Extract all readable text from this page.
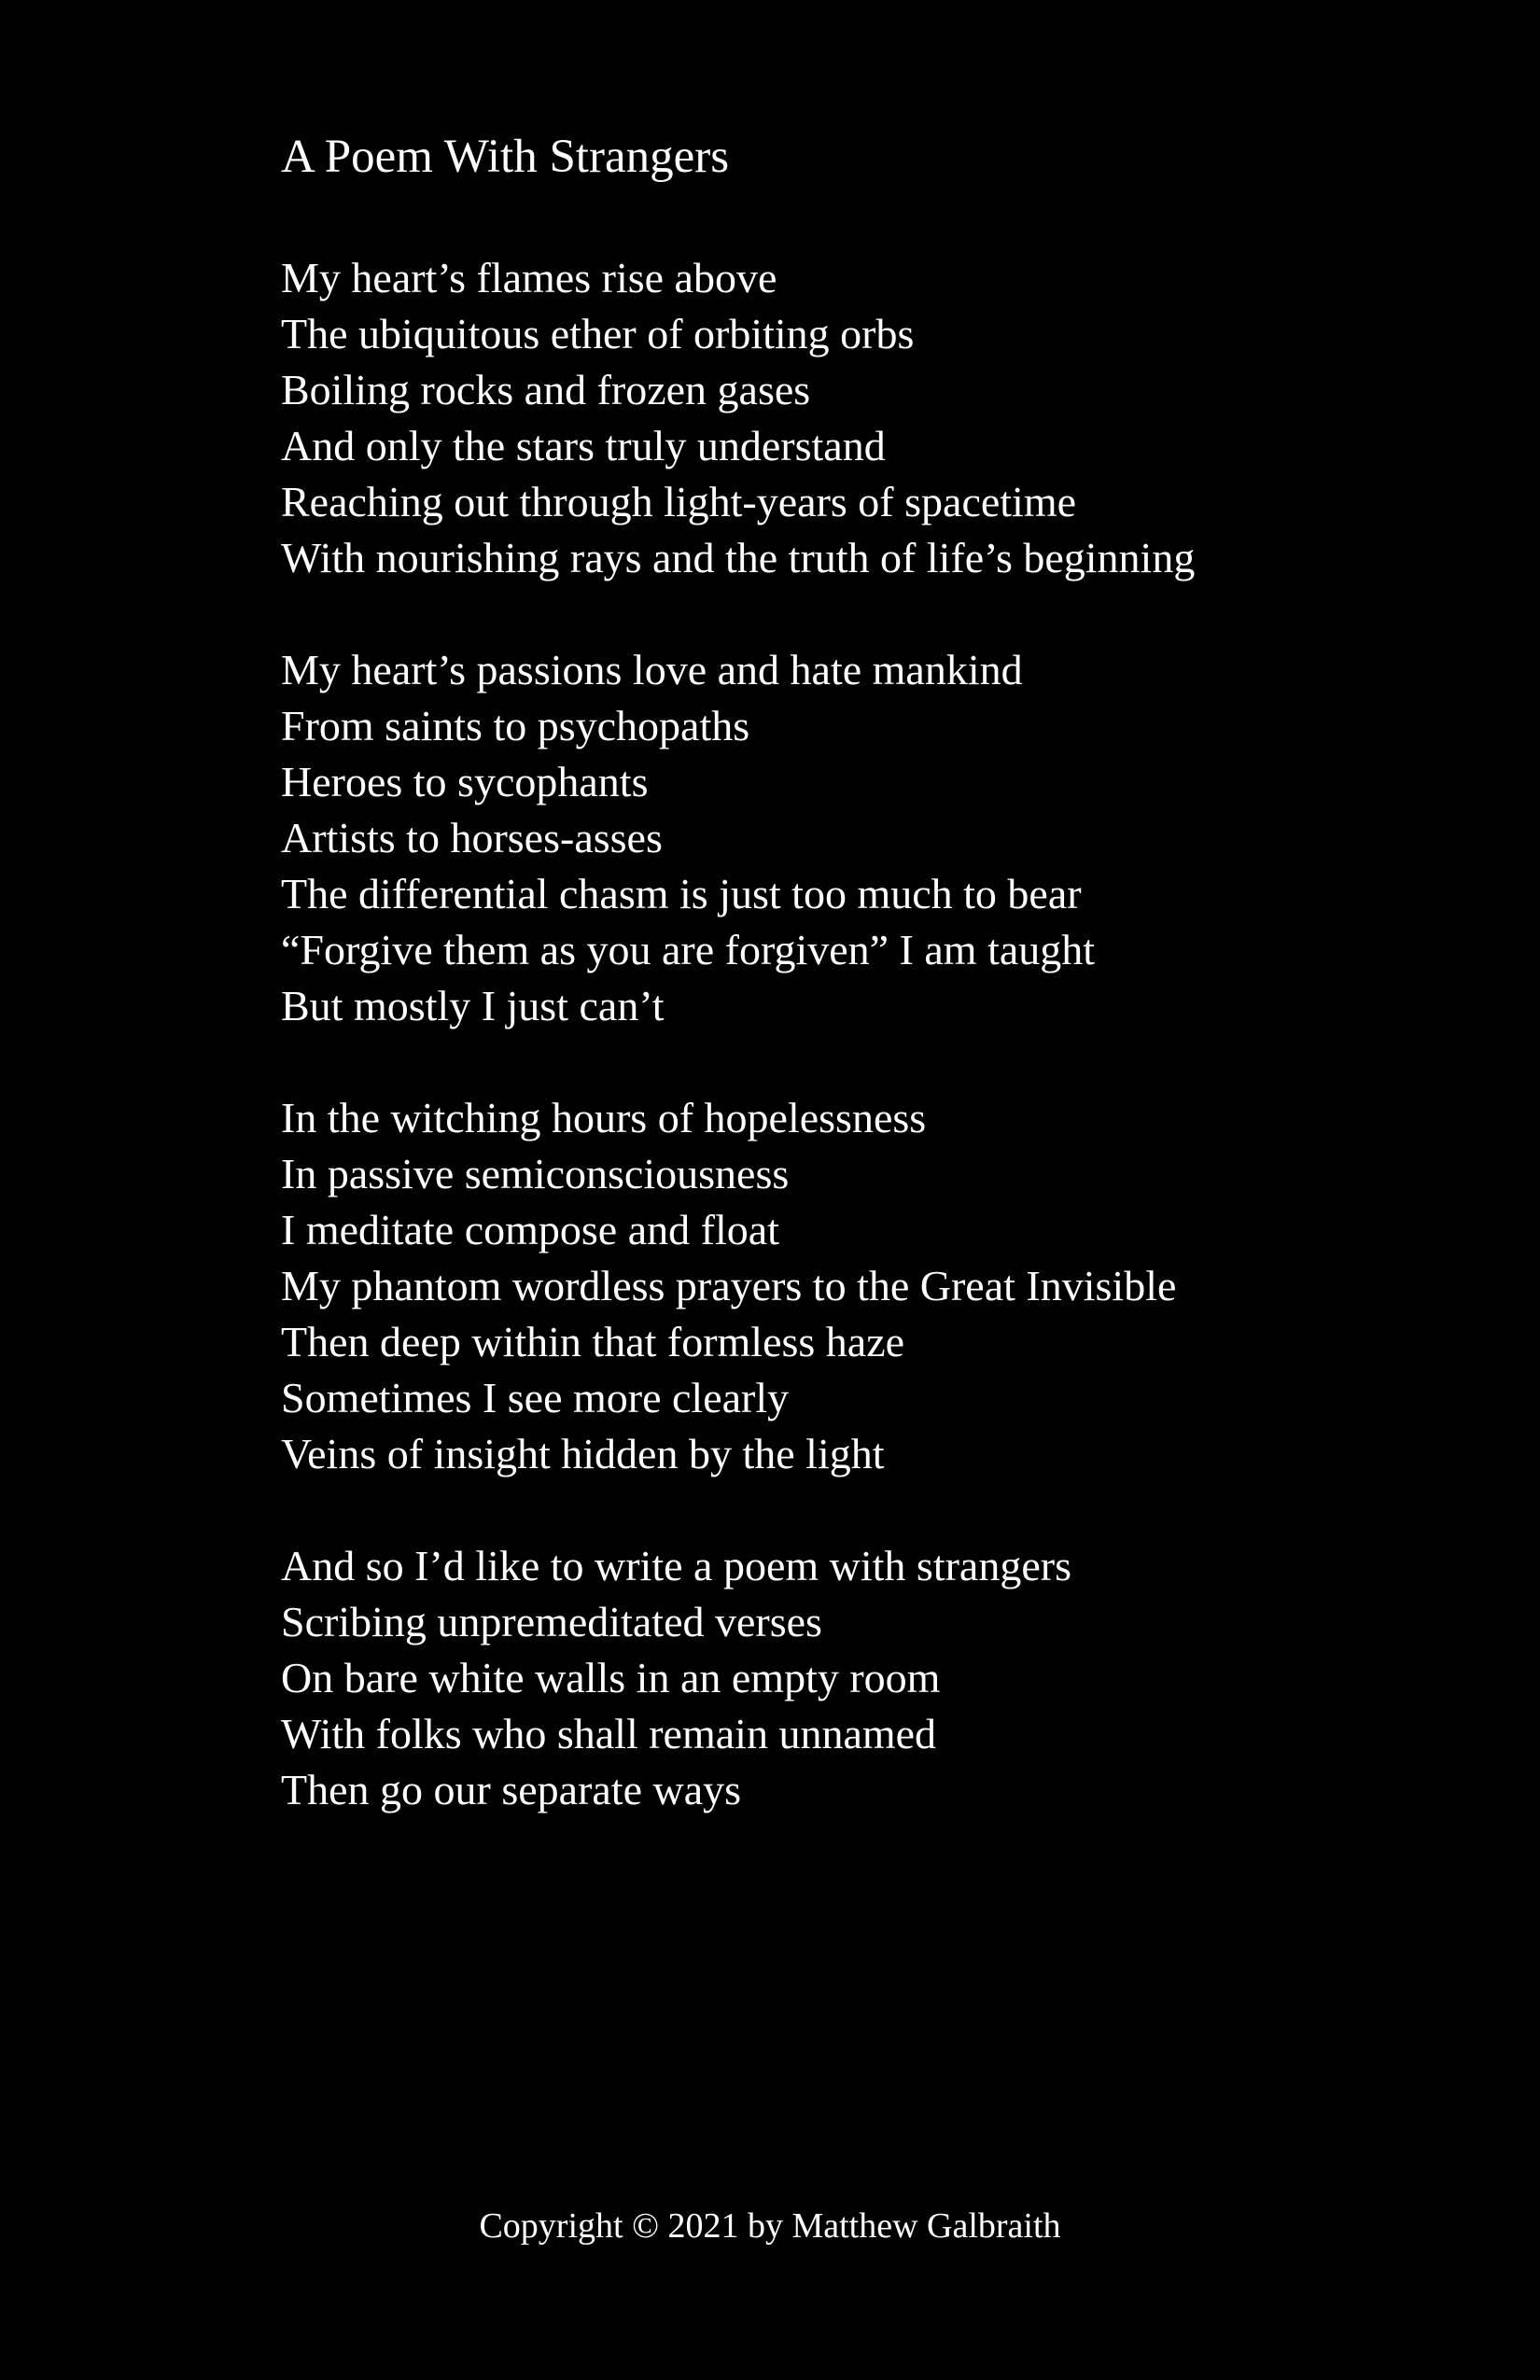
A Poem With Strangers
My heart’s flames rise above
The ubiquitous ether of orbiting orbs
Boiling rocks and frozen gases
And only the stars truly understand
Reaching out through light-years of spacetime
With nourishing rays and the truth of life’s beginning
My heart’s passions love and hate mankind
From saints to psychopaths
Heroes to sycophants
Artists to horses-asses
The differential chasm is just too much to bear
“Forgive them as you are forgiven” I am taught
But mostly I just can’t
In the witching hours of hopelessness
In passive semiconsciousness
I meditate compose and float
My phantom wordless prayers to the Great Invisible
Then deep within that formless haze
Sometimes I see more clearly
Veins of insight hidden by the light
And so I’d like to write a poem with strangers
Scribing unpremeditated verses
On bare white walls in an empty room
With folks who shall remain unnamed
Then go our separate ways
Copyright © 2021 by Matthew Galbraith
